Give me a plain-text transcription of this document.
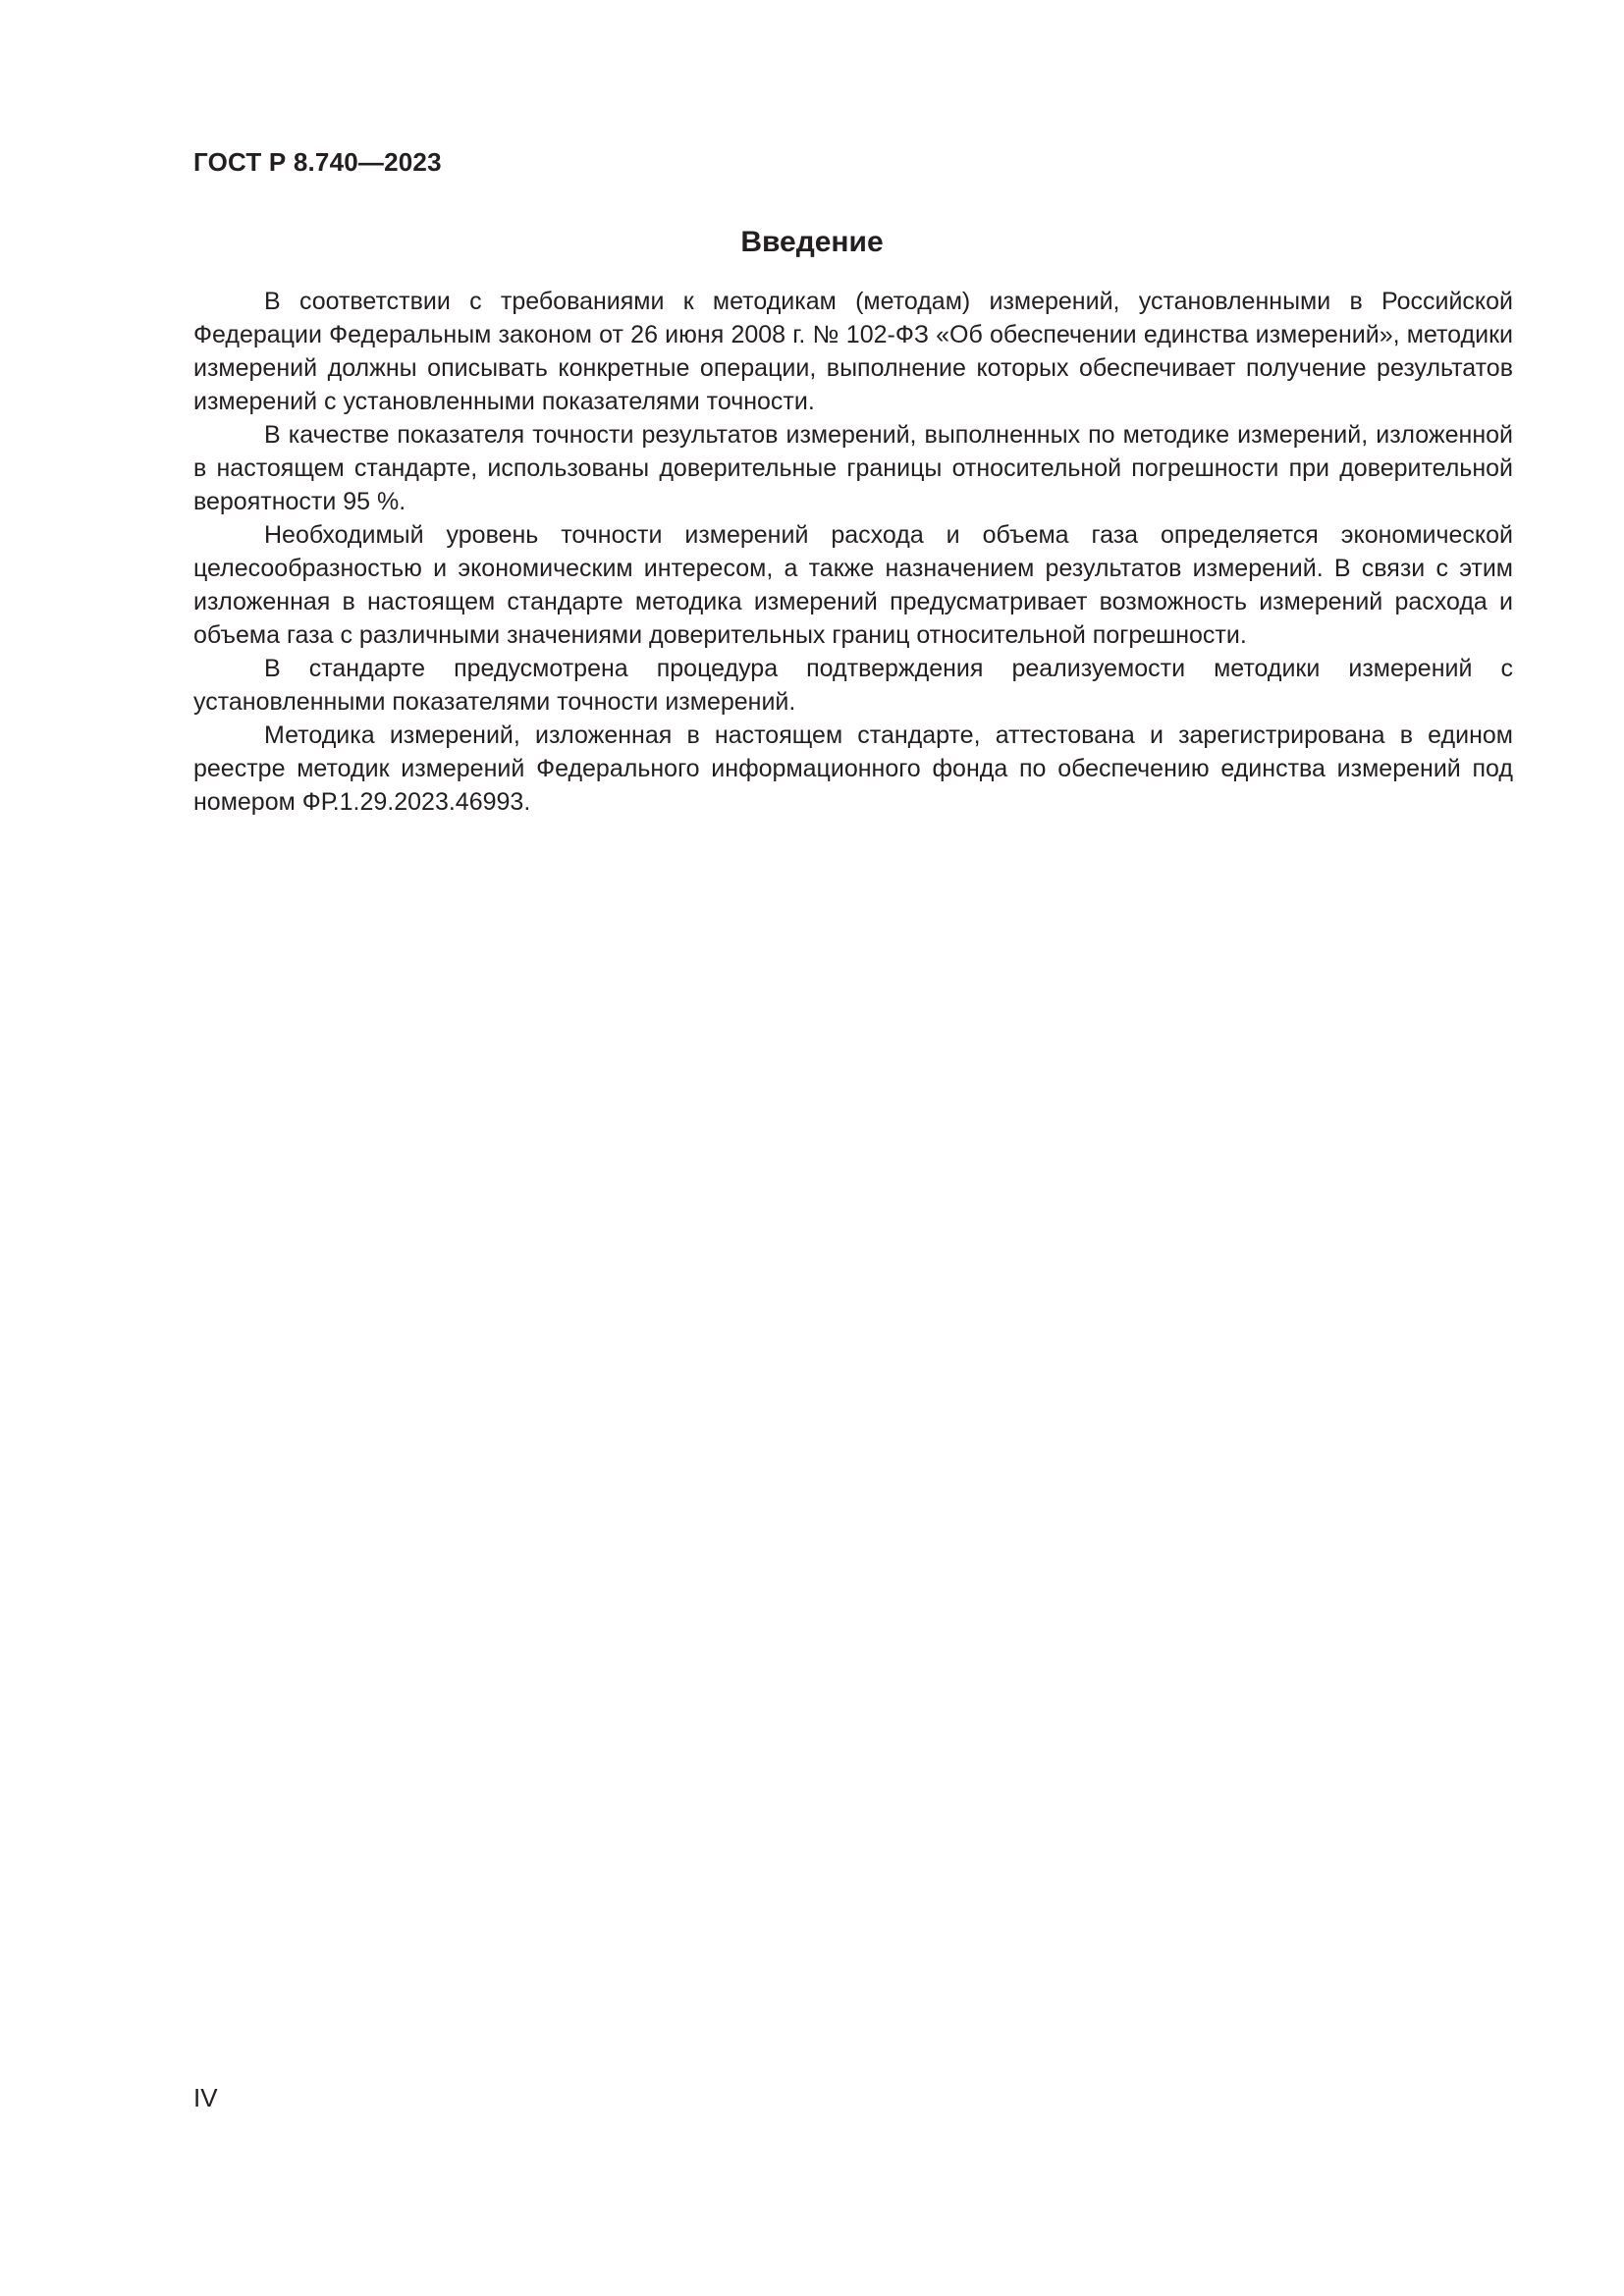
ГОСТ Р 8.740—2023
Введение

В соответствии с требованиями к методикам (методам) измерений, установленными в Российской Федерации Федеральным законом от 26 июня 2008 г. № 102-ФЗ «Об обеспечении единства измерений», методики измерений должны описывать конкретные операции, выполнение которых обеспечивает получение результатов измерений с установленными показателями точности.

В качестве показателя точности результатов измерений, выполненных по методике измерений, изложенной в настоящем стандарте, использованы доверительные границы относительной погрешности при доверительной вероятности 95 %.

Необходимый уровень точности измерений расхода и объема газа определяется экономической целесообразностью и экономическим интересом, а также назначением результатов измерений. В связи с этим изложенная в настоящем стандарте методика измерений предусматривает возможность измерений расхода и объема газа с различными значениями доверительных границ относительной погрешности.

В стандарте предусмотрена процедура подтверждения реализуемости методики измерений с установленными показателями точности измерений.

Методика измерений, изложенная в настоящем стандарте, аттестована и зарегистрирована в едином реестре методик измерений Федерального информационного фонда по обеспечению единства измерений под номером ФР.1.29.2023.46993.

IV
